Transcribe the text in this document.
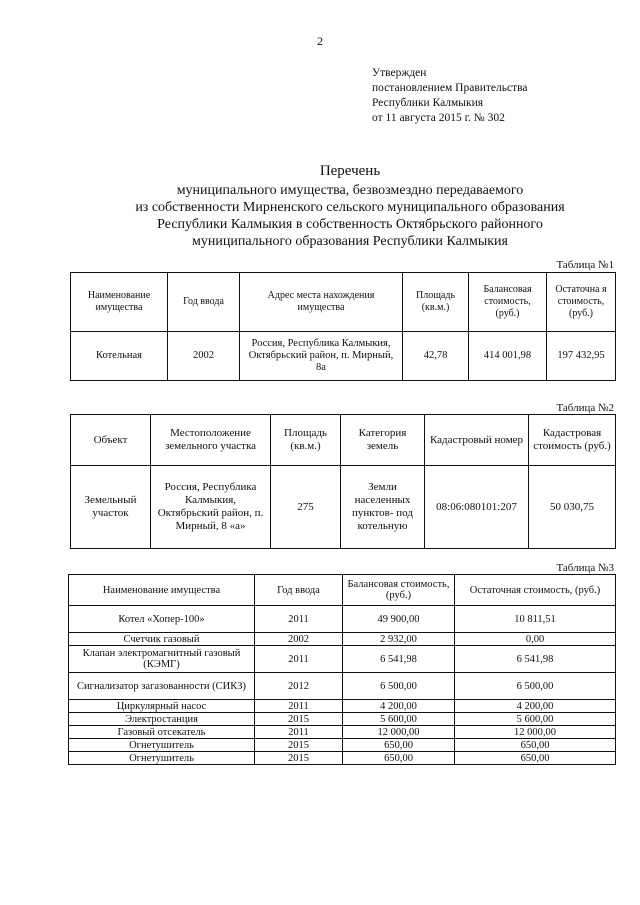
2
Утвержден
постановлением Правительства
Республики Калмыкия
от 11 августа 2015 г. № 302
Перечень
муниципального имущества, безвозмездно передаваемого
из собственности Мирненского сельского муниципального образования
Республики Калмыкия в собственность Октябрьского районного
муниципального образования Республики Калмыкия
Таблица №1
Наименование имущества	Год ввода	Адрес места нахождения имущества	Площадь (кв.м.)	Балансовая стоимость, (руб.)	Остаточна я стоимость, (руб.)
Котельная	2002	Россия, Республика Калмыкия, Октябрьский район, п. Мирный, 8а	42,78	414 001,98	197 432,95
Таблица №2
Объект	Местоположение земельного участка	Площадь (кв.м.)	Категория земель	Кадастровый номер	Кадастровая стоимость (руб.)
Земельный участок	Россия, Республика Калмыкия, Октябрьский район, п. Мирный, 8 «а»	275	Земли населенных пунктов- под котельную	08:06:080101:207	50 030,75
Таблица №3
Наименование имущества	Год ввода	Балансовая стоимость, (руб.)	Остаточная стоимость, (руб.)
Котел «Хопер-100»	2011	49 900,00	10 811,51
Счетчик газовый	2002	2 932,00	0,00
Клапан электромагнитный газовый (КЭМГ)	2011	6 541,98	6 541,98
Сигнализатор загазованности (СИКЗ)	2012	6 500,00	6 500,00
Циркулярный насос	2011	4 200,00	4 200,00
Электростанция	2015	5 600,00	5 600,00
Газовый отсекатель	2011	12 000,00	12 000,00
Огнетушитель	2015	650,00	650,00
Огнетушитель	2015	650,00	650,00
